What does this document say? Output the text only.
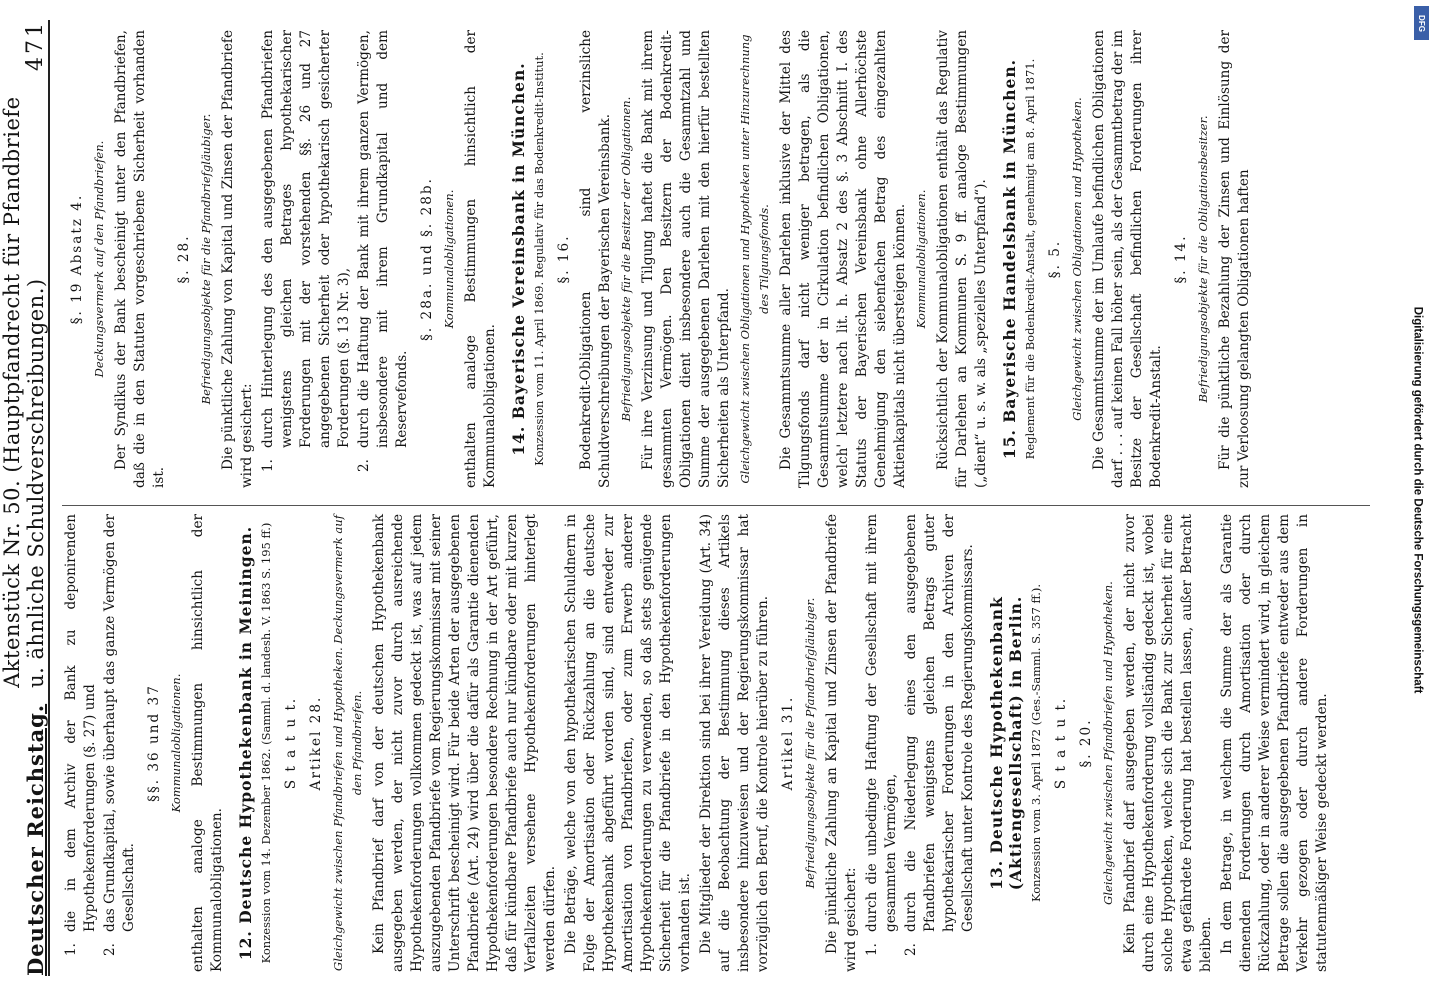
Deutscher Reichstag.
Aktenstück Nr. 50. (Hauptpfandrecht für Pfandbriefe u. ähnliche Schuldverschreibungen.)
471

1.
die in dem Archiv der Bank zu deponirenden Hypothekenforderungen (§. 27) und

2.
das Grundkapital, sowie überhaupt das ganze Vermögen der Gesellschaft.

§§. 36 und 37 Kommunalobligationen. enthalten analoge Bestimmungen hinsichtlich der Kommunalobligationen. 12. Deutsche Hypothekenbank in Meiningen. Konzession vom 14. Dezember 1862. (Samml. d. landesh. V. 1863 S. 195 ff.) S t a t u t. Artikel 28. Gleichgewicht zwischen Pfandbriefen und Hypotheken. Deckungsvermerk auf den Pfandbriefen. Kein Pfandbrief darf von der deutschen Hypothekenbank ausgegeben werden, der nicht zuvor durch ausreichende Hypothekenforderungen vollkommen gedeckt ist, was auf jedem auszugebenden Pfandbriefe vom Regierungskommissar mit seiner Unterschrift bescheinigt wird. Für beide Arten der ausgegebenen Pfandbriefe (Art. 24) wird über die dafür als Garantie dienenden Hypothekenforderungen besondere Rechnung in der Art geführt, daß für kündbare Pfandbriefe auch nur kündbare oder mit kurzen Verfallzeiten versehene Hypothekenforderungen hinterlegt werden dürfen. Die Beträge, welche von den hypothekarischen Schuldnern in Folge der Amortisation oder Rückzahlung an die deutsche Hypothekenbank abgeführt worden sind, sind entweder zur Amortisation von Pfandbriefen, oder zum Erwerb anderer Hypothekenforderungen zu verwenden, so daß stets genügende Sicherheit für die Pfandbriefe in den Hypothekenforderungen vorhanden ist. Die Mitglieder der Direktion sind bei ihrer Vereidung (Art. 34) auf die Beobachtung der Bestimmung dieses Artikels insbesondere hinzuweisen und der Regierungskommissar hat vorzüglich den Beruf, die Kontrole hierüber zu führen. Artikel 31. Befriedigungsobjekte für die Pfandbriefgläubiger. Die pünktliche Zahlung an Kapital und Zinsen der Pfandbriefe wird gesichert: 1.
durch die unbedingte Haftung der Gesellschaft mit ihrem gesammten Vermögen,

2.
durch die Niederlegung eines den ausgegebenen Pfandbriefen wenigstens gleichen Betrags guter hypothekarischer Forderungen in den Archiven der Gesellschaft unter Kontrole des Regierungskommissars. 13. Deutsche Hypothekenbank (Aktiengesellschaft) in Berlin. Konzession vom 3. April 1872 (Ges.-Samml. S. 357 ff.). S t a t u t. §. 20. Gleichgewicht zwischen Pfandbriefen und Hypotheken. Kein Pfandbrief darf ausgegeben werden, der nicht zuvor durch eine Hypothekenforderung vollständig gedeckt ist, wobei solche Hypotheken, welche sich die Bank zur Sicherheit für eine etwa gefährdete Forderung hat bestellen lassen, außer Betracht bleiben. In dem Betrage, in welchem die Summe der als Garantie dienenden Forderungen durch Amortisation oder durch Rückzahlung, oder in anderer Weise vermindert wird, in gleichem Betrage sollen die ausgegebenen Pfandbriefe entweder aus dem Verkehr gezogen oder durch andere Forderungen in statutenmäßiger Weise gedeckt werden.

§. 19 Absatz 4. Deckungsvermerk auf den Pfandbriefen. Der Syndikus der Bank bescheinigt unter den Pfandbriefen, daß die in den Statuten vorgeschriebene Sicherheit vorhanden ist.

§. 28. Befriedigungsobjekte für die Pfandbriefgläubiger. Die pünktliche Zahlung von Kapital und Zinsen der Pfandbriefe wird gesichert: 1.
durch Hinterlegung des den ausgegebenen Pfandbriefen wenigstens gleichen Betrages hypothekarischer Forderungen mit der vorstehenden §§. 26 und 27 angegebenen Sicherheit oder hypothekarisch gesicherter Forderungen (§. 13 Nr. 3),

2.
durch die Haftung der Bank mit ihrem ganzen Vermögen, insbesondere mit ihrem Grundkapital und dem Reservefonds.

§. 28a. und §. 28b. Kommunalobligationen. enthalten analoge Bestimmungen hinsichtlich der Kommunalobligationen. 14. Bayerische Vereinsbank in München. Konzession vom 11. April 1869. Regulativ für das Bodenkredit-Institut. §. 16. Bodenkredit-Obligationen sind verzinsliche Schuldverschreibungen der Bayerischen Vereinsbank. Befriedigungsobjekte für die Besitzer der Obligationen. Für ihre Verzinsung und Tilgung haftet die Bank mit ihrem gesammten Vermögen. Den Besitzern der Bodenkredit-Obligationen dient insbesondere auch die Gesammtzahl und Summe der ausgegebenen Darlehen mit den hierfür bestellten Sicherheiten als Unterpfand. Gleichgewicht zwischen Obligationen und Hypotheken unter Hinzurechnung des Tilgungsfonds. Die Gesammtsumme aller Darlehen inklusive der Mittel des Tilgungsfonds darf nicht weniger betragen, als die Gesammtsumme der in Cirkulation befindlichen Obligationen, welch' letztere nach lit. h. Absatz 2 des §. 3 Abschnitt I. des Statuts der Bayerischen Vereinsbank ohne Allerhöchste Genehmigung den siebenfachen Betrag des eingezahlten Aktienkapitals nicht übersteigen können. Kommunalobligationen. Rücksichtlich der Kommunalobligationen enthält das Regulativ für Darlehen an Kommunen S. 9 ff. analoge Bestimmungen („dient“ u. s. w. als „spezielles Unterpfand“). 15. Bayerische Handelsbank in München. Reglement für die Bodenkredit-Anstalt, genehmigt am 8. April 1871. §. 5. Gleichgewicht zwischen Obligationen und Hypotheken. Die Gesammtsumme der im Umlaufe befindlichen Obligationen darf . . . auf keinen Fall höher sein, als der Gesammtbetrag der im Besitze der Gesellschaft befindlichen Forderungen ihrer Bodenkredit-Anstalt.

§. 14. Befriedigungsobjekte für die Obligationsbesitzer. Für die pünktliche Bezahlung der Zinsen und Einlösung der zur Verloosung gelangten Obligationen haften	Digitalisierung gefördert durch die Deutsche Forschungsgemeinschaft
DFG
